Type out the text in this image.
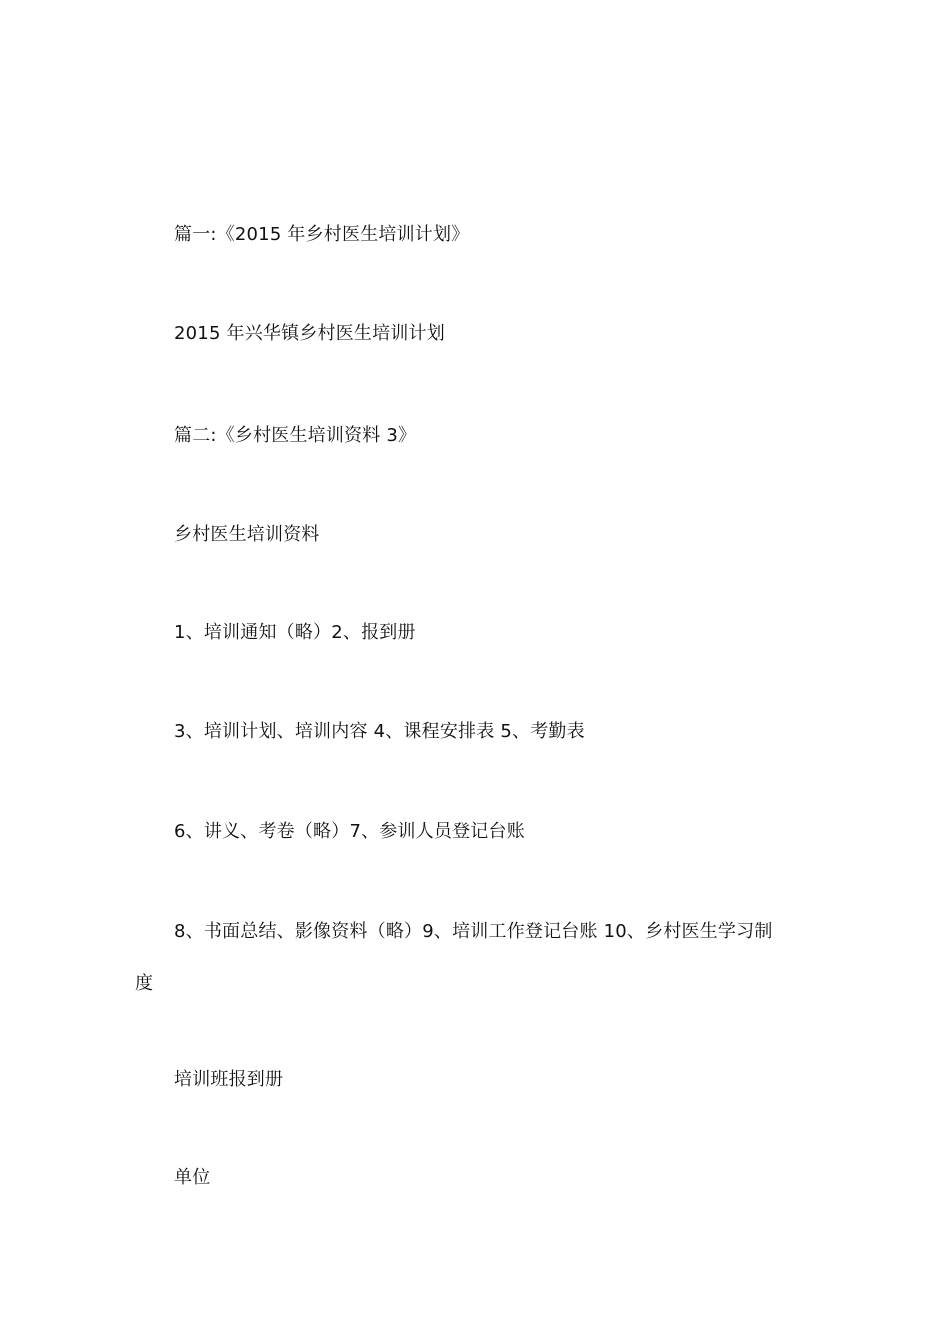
篇一:《2015 年乡村医生培训计划》
2015 年兴华镇乡村医生培训计划
篇二:《乡村医生培训资料 3》
乡村医生培训资料
1、培训通知（略）2、报到册
3、培训计划、培训内容 4、课程安排表 5、考勤表
6、讲义、考卷（略）7、参训人员登记台账
8、书面总结、影像资料（略）9、培训工作登记台账 10、乡村医生学习制
度
培训班报到册
单位
